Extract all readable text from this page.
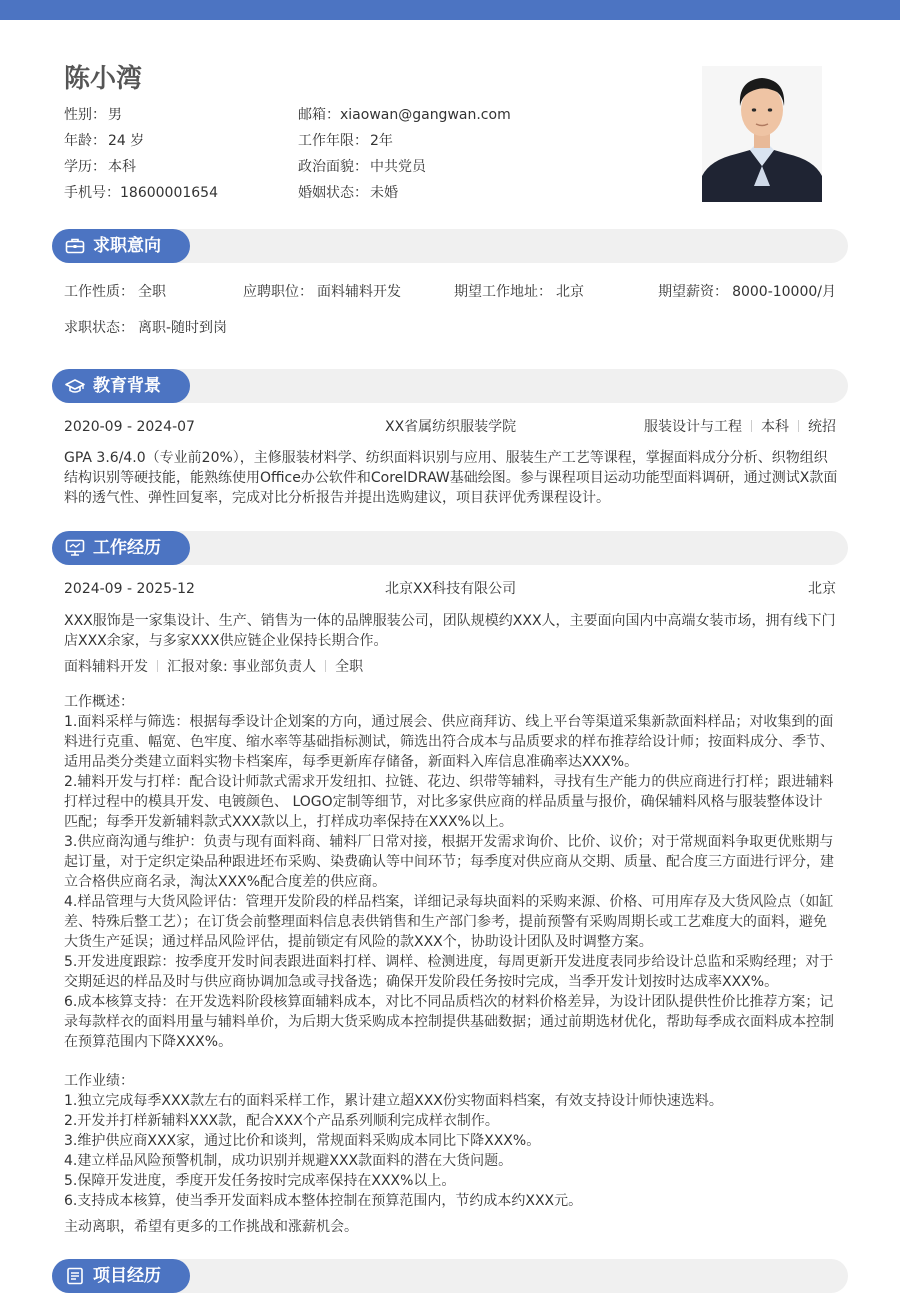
陈小湾
性别： 男	邮箱：xiaowan@gangwan.com
年龄： 24 岁	工作年限： 2年
学历： 本科	政治面貌： 中共党员
手机号：18600001654	婚姻状态： 未婚
求职意向
工作性质： 全职	应聘职位： 面料辅料开发	期望工作地址： 北京	期望薪资： 8000-10000/月
求职状态： 离职-随时到岗
教育背景
2020-09 - 2024-07	XX省属纺织服装学院	服装设计与工程 本科 统招
GPA 3.6/4.0（专业前20%），主修服装材料学、纺织面料识别与应用、服装生产工艺等课程，掌握面料成分分析、织物组织
结构识别等硬技能，能熟练使用Office办公软件和CorelDRAW基础绘图。参与课程项目运动功能型面料调研，通过测试X款面
料的透气性、弹性回复率，完成对比分析报告并提出选购建议，项目获评优秀课程设计。
工作经历
2024-09 - 2025-12	北京XX科技有限公司	北京
XXX服饰是一家集设计、生产、销售为一体的品牌服装公司，团队规模约XXX人，主要面向国内中高端女装市场，拥有线下门
店XXX余家，与多家XXX供应链企业保持长期合作。
面料辅料开发 汇报对象: 事业部负责人 全职
工作概述：
1.面料采样与筛选：根据每季设计企划案的方向，通过展会、供应商拜访、线上平台等渠道采集新款面料样品；对收集到的面
料进行克重、幅宽、色牢度、缩水率等基础指标测试，筛选出符合成本与品质要求的样布推荐给设计师；按面料成分、季节、
适用品类分类建立面料实物卡档案库，每季更新库存储备，新面料入库信息准确率达XXX%。
2.辅料开发与打样：配合设计师款式需求开发纽扣、拉链、花边、织带等辅料，寻找有生产能力的供应商进行打样；跟进辅料
打样过程中的模具开发、电镀颜色、 LOGO定制等细节，对比多家供应商的样品质量与报价，确保辅料风格与服装整体设计
匹配；每季开发新辅料款式XXX款以上，打样成功率保持在XXX%以上。
3.供应商沟通与维护：负责与现有面料商、辅料厂日常对接，根据开发需求询价、比价、议价；对于常规面料争取更优账期与
起订量，对于定织定染品种跟进坯布采购、染费确认等中间环节；每季度对供应商从交期、质量、配合度三方面进行评分，建
立合格供应商名录，淘汰XXX%配合度差的供应商。
4.样品管理与大货风险评估：管理开发阶段的样品档案，详细记录每块面料的采购来源、价格、可用库存及大货风险点（如缸
差、特殊后整工艺）；在订货会前整理面料信息表供销售和生产部门参考，提前预警有采购周期长或工艺难度大的面料，避免
大货生产延误；通过样品风险评估，提前锁定有风险的款XXX个，协助设计团队及时调整方案。
5.开发进度跟踪：按季度开发时间表跟进面料打样、调样、检测进度，每周更新开发进度表同步给设计总监和采购经理；对于
交期延迟的样品及时与供应商协调加急或寻找备选；确保开发阶段任务按时完成，当季开发计划按时达成率XXX%。
6.成本核算支持：在开发选料阶段核算面辅料成本，对比不同品质档次的材料价格差异，为设计团队提供性价比推荐方案；记
录每款样衣的面料用量与辅料单价，为后期大货采购成本控制提供基础数据；通过前期选材优化，帮助每季成衣面料成本控制
在预算范围内下降XXX%。
工作业绩：
1.独立完成每季XXX款左右的面料采样工作，累计建立超XXX份实物面料档案，有效支持设计师快速选料。
2.开发并打样新辅料XXX款，配合XXX个产品系列顺利完成样衣制作。
3.维护供应商XXX家，通过比价和谈判，常规面料采购成本同比下降XXX%。
4.建立样品风险预警机制，成功识别并规避XXX款面料的潜在大货问题。
5.保障开发进度，季度开发任务按时完成率保持在XXX%以上。
6.支持成本核算，使当季开发面料成本整体控制在预算范围内，节约成本约XXX元。
主动离职，希望有更多的工作挑战和涨薪机会。
项目经历
